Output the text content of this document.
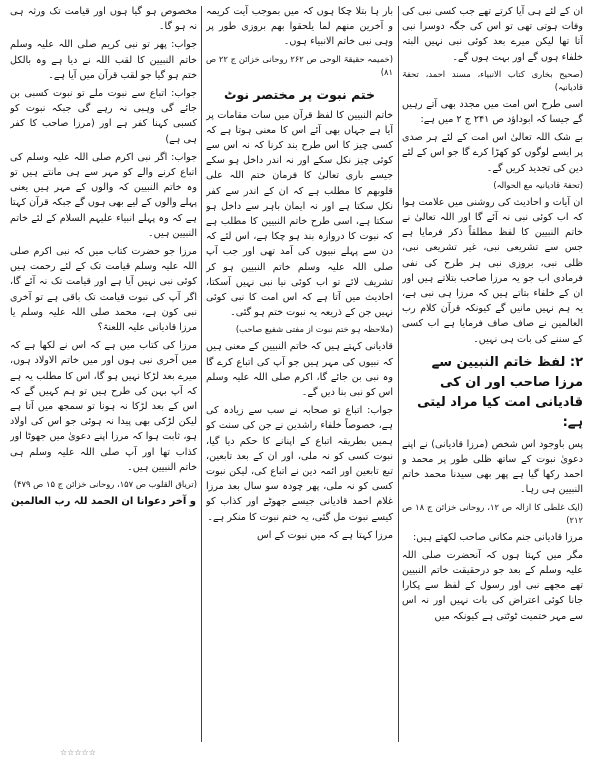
ان کے لئے ہی آیا کرتے تھے جب کسی نبی کی وفات ہوتی تھی تو اس کی جگہ دوسرا نبی آتا تھا لیکن میرے بعد کوئی نبی نہیں البتہ خلفاء ہوں گے اور بہت ہوں گے۔

(صحیح بخاری کتاب الانبیاء، مسند احمد، تحفۃ قادیانیہ)

اسی طرح اس امت میں مجدد بھی آتے رہیں گے جیسا کہ ابوداؤد ص ۲۴۱ ج ۲ میں ہے:

بے شک اللہ تعالیٰ اس امت کے لئے ہر صدی پر ایسے لوگوں کو کھڑا کرے گا جو اس کے لئے دین کی تجدید کریں گے۔

(تحفۃ قادیانیہ مع الحوالہ)

ان آیات و احادیث کی روشنی میں علامت ہوا کہ اب کوئی نبی نہ آئے گا اور اللہ تعالیٰ نے خاتم النبیین کا لفظ مطلقاً ذکر فرمایا ہے جس سے تشریعی نبی، غیر تشریعی نبی، ظلی نبی، بروزی نبی ہر طرح کی نفی فرمادی اب جو یہ مرزا صاحب بتلاتے ہیں اور ان کے خلفاء بتاتے ہیں کہ مرزا ہی نبی ہے، یہ ہم نہیں مانیں گے کیونکہ قرآن کلام رب العالمین نے صاف صاف فرمایا ہے اب کسی کے سننے کی بات ہی نہیں۔

۲: لفظ خاتم النبیین سے مرزا صاحب اور ان کی قادیانی امت کیا مراد لیتی ہے:

پس باوجود اس شخص (مرزا قادیانی) نے اپنے دعویٰ نبوت کے ساتھ ظلی طور پر محمد و احمد رکھا گیا ہے پھر بھی سیدنا محمد خاتم النبیین ہی رہا۔

(ایک غلطی کا ازالہ ص ۱۲، روحانی خزائن ج ۱۸ ص ۲۱۲)

مرزا قادیانی جنم مکانی صاحب لکھتے ہیں:

مگر میں کہتا ہوں کہ آنحضرت صلی اللہ علیہ وسلم کے بعد جو درحقیقت خاتم النبیین تھے مجھے نبی اور رسول کے لفظ سے پکارا جانا کوئی اعتراض کی بات نہیں اور نہ اس سے مہر ختمیت ٹوٹتی ہے کیونکہ میں

بار ہا بتلا چکا ہوں کہ میں بموجب آیت کریمہ و آخرین منھم لما یلحقوا بھم بروزی طور پر وہی نبی خاتم الانبیاء ہوں۔

(خمیمہ حقیقۃ الوحی ص ۲۶۲ روحانی خزائن ج ۲۲ ص ۸۱)

ختم نبوت پر مختصر نوٹ

خاتم النبیین کا لفظ قرآن میں سات مقامات پر آیا ہے جہاں بھی آئے اس کا معنی ہوتا ہے کہ کسی چیز کا اس طرح بند کرنا کہ نہ اس سے کوئی چیز نکل سکے اور نہ اندر داخل ہو سکے جیسے باری تعالیٰ کا فرمان ختم اللہ علی قلوبھم کا مطلب ہے کہ ان کے اندر سے کفر نکل سکتا ہے اور نہ ایمان باہر سے داخل ہو سکتا ہے، اسی طرح خاتم النبیین کا مطلب ہے کہ نبوت کا دروازہ بند ہو چکا ہے، اس لئے کہ دن سے پہلے نبیوں کی آمد تھی اور جب آپ صلی اللہ علیہ وسلم خاتم النبیین ہو کر تشریف لائے تو اب کوئی نیا نبی نہیں آسکتا، احادیث میں آتا ہے کہ اس امت کا نبی کوئی نہیں جن کے ذریعہ یہ نبوت ختم ہو گئی۔

(ملاحظہ ہو ختم نبوت از مفتی شفیع صاحب)

قادیانی کہتے ہیں کہ خاتم النبیین کے معنی ہیں کہ نبیوں کی مہر ہیں جو آپ کی اتباع کرے گا وہ نبی بن جائے گا، اکرم صلی اللہ علیہ وسلم اس کو نبی بنا دیں گے۔

جواب: اتباع تو صحابہ نے سب سے زیادہ کی ہے، خصوصاً خلفاء راشدین نے جن کی سنت کو ہمیں بطریقہ اتباع کے اپنانے کا حکم دیا گیا، نبوت کسی کو نہ ملی، اور ان کے بعد تابعین، تبع تابعین اور ائمہ دین نے اتباع کی، لیکن نبوت کسی کو نہ ملی، پھر چودہ سو سال بعد مرزا غلام احمد قادیانی جیسے جھوٹے اور کذاب کو کیسے نبوت مل گئی، یہ ختم نبوت کا منکر ہے۔

مرزا کہتا ہے کہ میں نبوت کے اس

مخصوص ہو گیا ہوں اور قیامت تک ورثہ ہی نہ ہو گا۔

جواب: پھر تو نبی کریم صلی اللہ علیہ وسلم خاتم النبیین کا لقب اللہ نے دیا ہے وہ بالکل ختم ہو گیا جو لقب قرآن میں آیا ہے۔

جواب: اتباع سے نبوت ملے تو نبوت کسبی بن جائے گی وہبی نہ رہے گی جبکہ نبوت کو کسبی کہنا کفر ہے اور (مرزا صاحب کا کفر ہی ہے)

جواب: اگر نبی اکرم صلی اللہ علیہ وسلم کی اتباع کرنے والے کو مہر سے ہی مانتے ہیں تو وہ خاتم النبیین کہ والوں کے مہر ہیں یعنی پہلے والوں کے لیے بھی ہوں گے جبکہ قرآن کہتا ہے کہ وہ پہلے انبیاء علیہم السلام کے لئے خاتم النبیین ہیں۔

مرزا جو حضرت کتاب میں کہ نبی اکرم صلی اللہ علیہ وسلم قیامت تک کے لئے رحمت ہیں کوئی نبی نہیں آیا ہے اور قیامت تک نہ آئے گا، اگر آپ کی نبوت قیامت تک باقی ہے تو آخری نبی کون ہے، محمد صلی اللہ علیہ وسلم یا مرزا قادیانی علیہ اللعنۃ؟

مرزا کی کتاب میں ہے کہ اس نے لکھا ہے کہ میں آخری نبی ہوں اور میں خاتم الاولاد ہوں، میرے بعد لڑکا نہیں ہو گا، اس کا مطلب یہ ہے کہ آپ بہن کی طرح ہیں تو ہم کہیں گے کہ اس کے بعد لڑکا نہ ہونا تو سمجھ میں آتا ہے لیکن لڑکی بھی پیدا نہ ہوئی جو اس کی اولاد ہو، ثابت ہوا کہ مرزا اپنے دعویٰ میں جھوٹا اور کذاب تھا اور آپ صلی اللہ علیہ وسلم ہی خاتم النبیین ہیں۔

(تریاق القلوب ص ۱۵۷، روحانی خزائن ج ۱۵ ص ۴۷۹)

و آخر دعوانا ان الحمد للہ رب العالمین
☆☆☆☆☆
